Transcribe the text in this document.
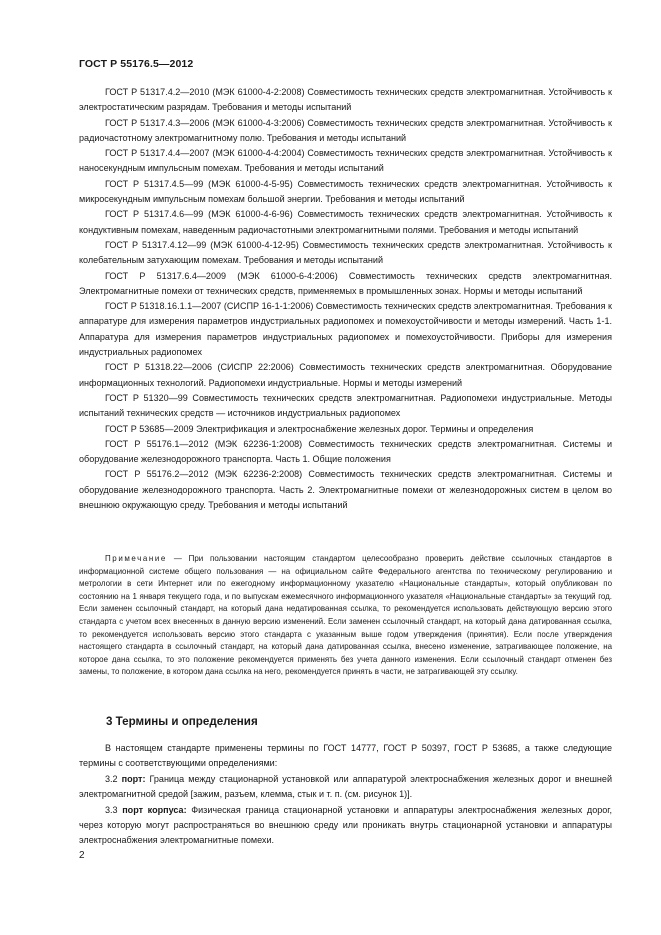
ГОСТ Р 55176.5—2012

ГОСТ Р 51317.4.2—2010 (МЭК 61000-4-2:2008) Совместимость технических средств электромагнитная. Устойчивость к электростатическим разрядам. Требования и методы испытаний

ГОСТ Р 51317.4.3—2006 (МЭК 61000-4-3:2006) Совместимость технических средств электромагнитная. Устойчивость к радиочастотному электромагнитному полю. Требования и методы испытаний

ГОСТ Р 51317.4.4—2007 (МЭК 61000-4-4:2004) Совместимость технических средств электромагнитная. Устойчивость к наносекундным импульсным помехам. Требования и методы испытаний

ГОСТ Р 51317.4.5—99 (МЭК 61000-4-5-95) Совместимость технических средств электромагнитная. Устойчивость к микросекундным импульсным помехам большой энергии. Требования и методы испытаний

ГОСТ Р 51317.4.6—99 (МЭК 61000-4-6-96) Совместимость технических средств электромагнитная. Устойчивость к кондуктивным помехам, наведенным радиочастотными электромагнитными полями. Требования и методы испытаний

ГОСТ Р 51317.4.12—99 (МЭК 61000-4-12-95) Совместимость технических средств электромагнитная. Устойчивость к колебательным затухающим помехам. Требования и методы испытаний

ГОСТ Р 51317.6.4—2009 (МЭК 61000-6-4:2006) Совместимость технических средств электромагнитная. Электромагнитные помехи от технических средств, применяемых в промышленных зонах. Нормы и методы испытаний

ГОСТ Р 51318.16.1.1—2007 (СИСПР 16-1-1:2006) Совместимость технических средств электромагнитная. Требования к аппаратуре для измерения параметров индустриальных радиопомех и помехоустойчивости и методы измерений. Часть 1-1. Аппаратура для измерения параметров индустриальных радиопомех и помехоустойчивости. Приборы для измерения индустриальных радиопомех

ГОСТ Р 51318.22—2006 (СИСПР 22:2006) Совместимость технических средств электромагнитная. Оборудование информационных технологий. Радиопомехи индустриальные. Нормы и методы измерений

ГОСТ Р 51320—99 Совместимость технических средств электромагнитная. Радиопомехи индустриальные. Методы испытаний технических средств — источников индустриальных радиопомех

ГОСТ Р 53685—2009 Электрификация и электроснабжение железных дорог. Термины и определения

ГОСТ Р 55176.1—2012 (МЭК 62236-1:2008) Совместимость технических средств электромагнитная. Системы и оборудование железнодорожного транспорта. Часть 1. Общие положения

ГОСТ Р 55176.2—2012 (МЭК 62236-2:2008) Совместимость технических средств электромагнитная. Системы и оборудование железнодорожного транспорта. Часть 2. Электромагнитные помехи от железнодорожных систем в целом во внешнюю окружающую среду. Требования и методы испытаний

Примечание — При пользовании настоящим стандартом целесообразно проверить действие ссылочных стандартов в информационной системе общего пользования — на официальном сайте Федерального агентства по техническому регулированию и метрологии в сети Интернет или по ежегодному информационному указателю «Национальные стандарты», который опубликован по состоянию на 1 января текущего года, и по выпускам ежемесячного информационного указателя «Национальные стандарты» за текущий год. Если заменен ссылочный стандарт, на который дана недатированная ссылка, то рекомендуется использовать действующую версию этого стандарта с учетом всех внесенных в данную версию изменений. Если заменен ссылочный стандарт, на который дана датированная ссылка, то рекомендуется использовать версию этого стандарта с указанным выше годом утверждения (принятия). Если после утверждения настоящего стандарта в ссылочный стандарт, на который дана датированная ссылка, внесено изменение, затрагивающее положение, на которое дана ссылка, то это положение рекомендуется применять без учета данного изменения. Если ссылочный стандарт отменен без замены, то положение, в котором дана ссылка на него, рекомендуется принять в части, не затрагивающей эту ссылку.

3 Термины и определения

В настоящем стандарте применены термины по ГОСТ 14777, ГОСТ Р 50397, ГОСТ Р 53685, а также следующие термины с соответствующими определениями:

3.2 порт: Граница между стационарной установкой или аппаратурой электроснабжения железных дорог и внешней электромагнитной средой [зажим, разъем, клемма, стык и т. п. (см. рисунок 1)].

3.3 порт корпуса: Физическая граница стационарной установки и аппаратуры электроснабжения железных дорог, через которую могут распространяться во внешнюю среду или проникать внутрь стационарной установки и аппаратуры электроснабжения электромагнитные помехи.

2
